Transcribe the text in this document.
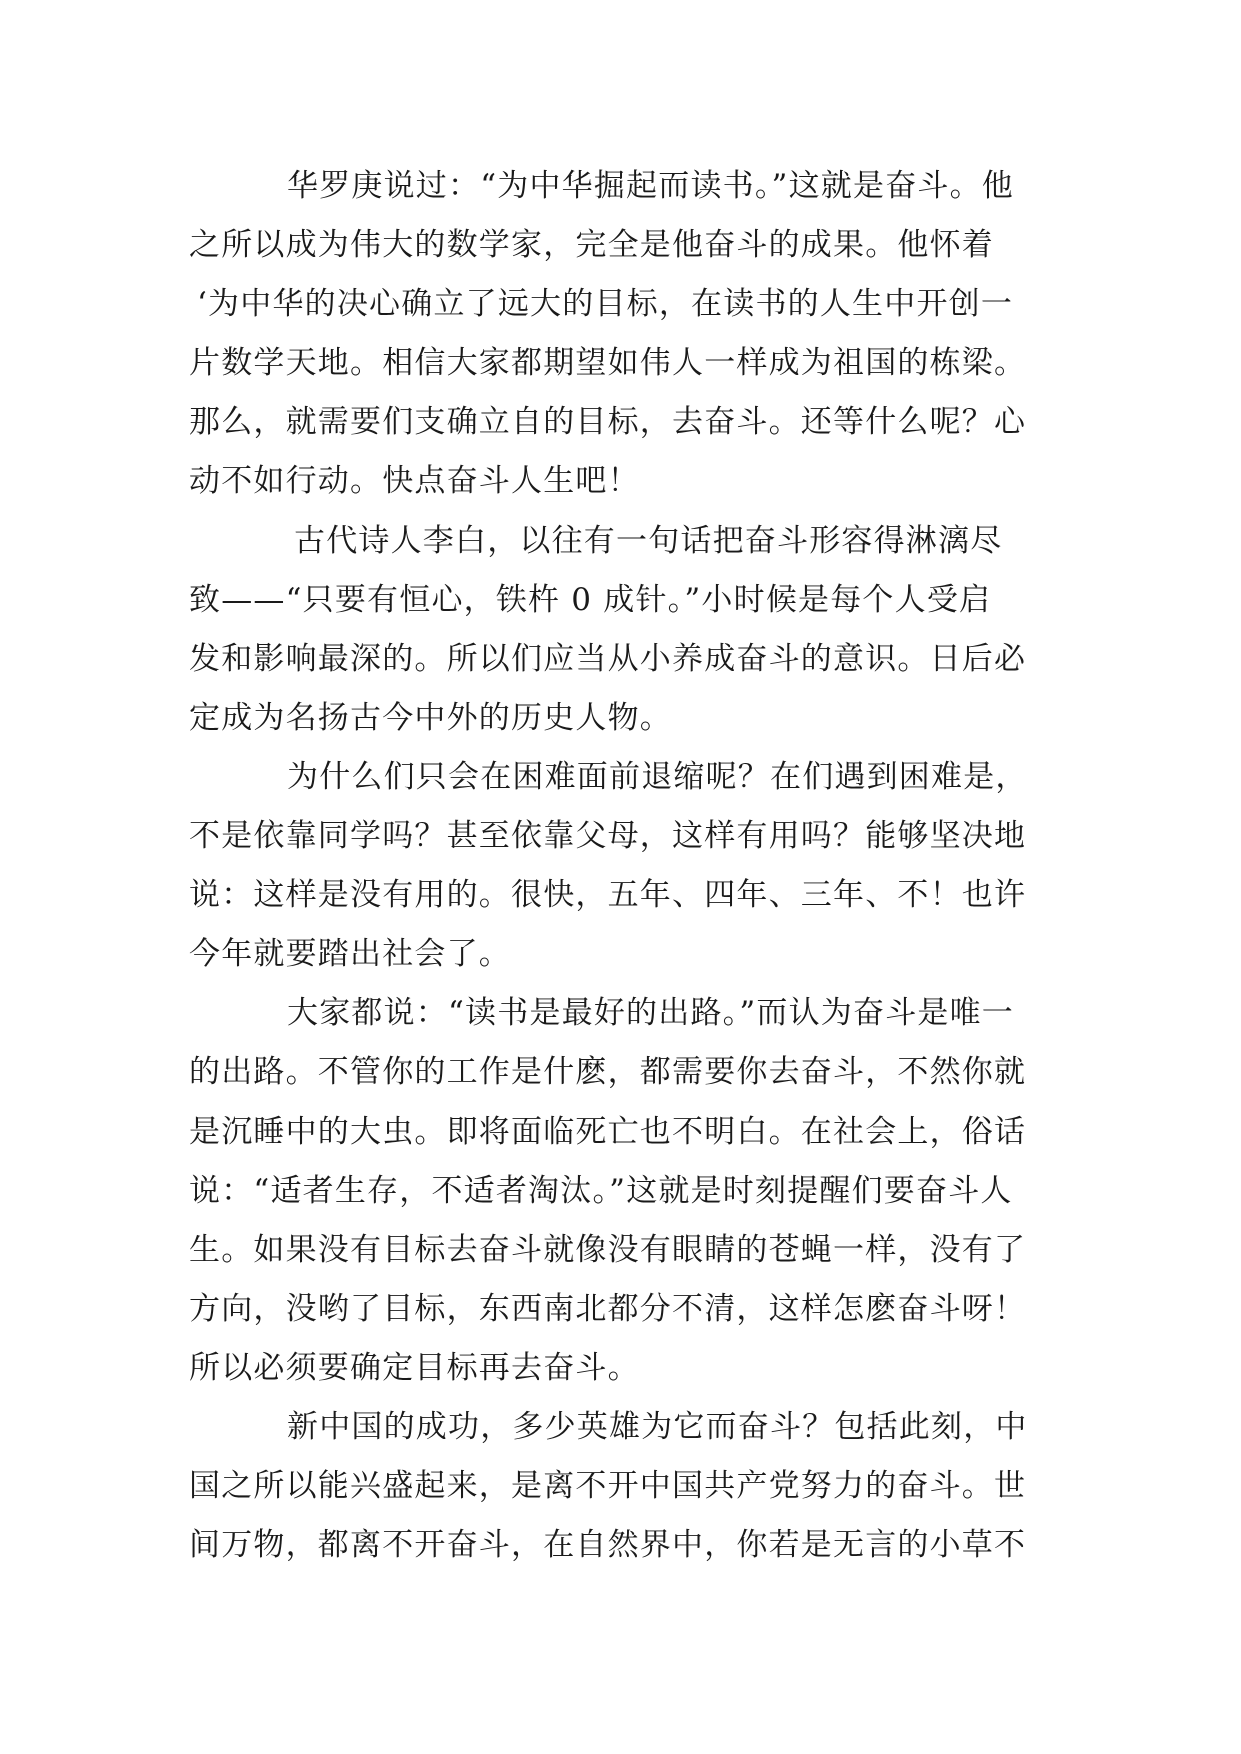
华罗庚说过：“为中华掘起而读书。”这就是奋斗。他
之所以成为伟大的数学家，完全是他奋斗的成果。他怀着
‘为中华的决心确立了远大的目标，在读书的人生中开创一
片数学天地。相信大家都期望如伟人一样成为祖国的栋梁。
那么，就需要们支确立自的目标，去奋斗。还等什么呢？心
动不如行动。快点奋斗人生吧！
古代诗人李白，以往有一句话把奋斗形容得淋漓尽
致——“只要有恒心，铁杵 0 成针。”小时候是每个人受启
发和影响最深的。所以们应当从小养成奋斗的意识。日后必
定成为名扬古今中外的历史人物。
为什么们只会在困难面前退缩呢？在们遇到困难是，
不是依靠同学吗？甚至依靠父母，这样有用吗？能够坚决地
说：这样是没有用的。很快，五年、四年、三年、不！也许
今年就要踏出社会了。
大家都说：“读书是最好的出路。”而认为奋斗是唯一
的出路。不管你的工作是什麽，都需要你去奋斗，不然你就
是沉睡中的大虫。即将面临死亡也不明白。在社会上，俗话
说：“适者生存，不适者淘汰。”这就是时刻提醒们要奋斗人
生。如果没有目标去奋斗就像没有眼睛的苍蝇一样，没有了
方向，没哟了目标，东西南北都分不清，这样怎麽奋斗呀！
所以必须要确定目标再去奋斗。
新中国的成功，多少英雄为它而奋斗？包括此刻，中
国之所以能兴盛起来，是离不开中国共产党努力的奋斗。世
间万物，都离不开奋斗，在自然界中，你若是无言的小草不
